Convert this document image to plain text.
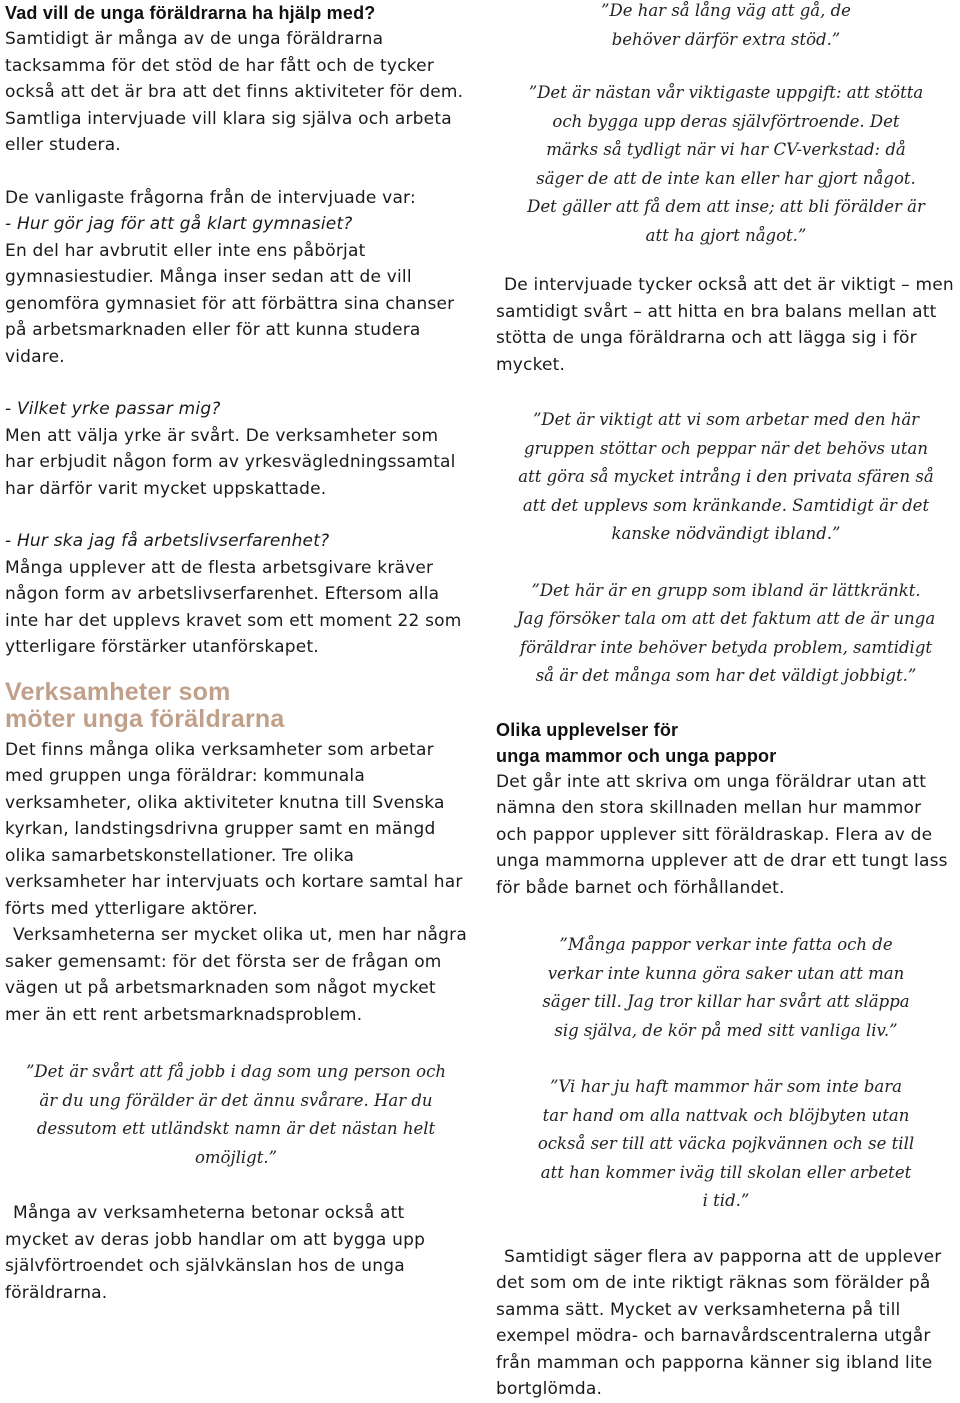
Vad vill de unga föräldrarna ha hjälp med?

Samtidigt är många av de unga föräldrarna tacksamma för det stöd de har fått och de tycker också att det är bra att det finns aktiviteter för dem. Samtliga intervjuade vill klara sig själva och arbeta eller studera.

De vanligaste frågorna från de intervjuade var:

- Hur gör jag för att gå klart gymnasiet?

En del har avbrutit eller inte ens påbörjat gymnasiestudier. Många inser sedan att de vill genomföra gymnasiet för att förbättra sina chanser på arbetsmarknaden eller för att kunna studera vidare.

- Vilket yrke passar mig?

Men att välja yrke är svårt. De verksamheter som har erbjudit någon form av yrkesvägledningssamtal har därför varit mycket uppskattade.

- Hur ska jag få arbetslivserfarenhet?

Många upplever att de flesta arbetsgivare kräver någon form av arbetslivserfarenhet. Eftersom alla inte har det upplevs kravet som ett moment 22 som ytterligare förstärker utanförskapet.

Verksamheter som
möter unga föräldrarna

Det finns många olika verksamheter som arbetar med gruppen unga föräldrar: kommunala verksamheter, olika aktiviteter knutna till Svenska kyrkan, landstingsdrivna grupper samt en mängd olika samarbetskonstellationer. Tre olika verksamheter har intervjuats och kortare samtal har förts med ytterligare aktörer.

Verksamheterna ser mycket olika ut, men har några saker gemensamt: för det första ser de frågan om vägen ut på arbetsmarknaden som något mycket mer än ett rent arbetsmarknadsproblem.

”Det är svårt att få jobb i dag som ung person och är du ung förälder är det ännu svårare. Har du dessutom ett utländskt namn är det nästan helt omöjligt.”

Många av verksamheterna betonar också att mycket av deras jobb handlar om att bygga upp självförtroendet och självkänslan hos de unga föräldrarna.

”De har så lång väg att gå, de behöver därför extra stöd.”

”Det är nästan vår viktigaste uppgift: att stötta och bygga upp deras självförtroende. Det märks så tydligt när vi har CV-verkstad: då säger de att de inte kan eller har gjort något. Det gäller att få dem att inse; att bli förälder är att ha gjort något.”

De intervjuade tycker också att det är viktigt – men samtidigt svårt – att hitta en bra balans mellan att stötta de unga föräldrarna och att lägga sig i för mycket.

”Det är viktigt att vi som arbetar med den här gruppen stöttar och peppar när det behövs utan att göra så mycket intrång i den privata sfären så att det upplevs som kränkande. Samtidigt är det kanske nödvändigt ibland.”

”Det här är en grupp som ibland är lättkränkt. Jag försöker tala om att det faktum att de är unga föräldrar inte behöver betyda problem, samtidigt så är det många som har det väldigt jobbigt.”

Olika upplevelser för

unga mammor och unga pappor

Det går inte att skriva om unga föräldrar utan att nämna den stora skillnaden mellan hur mammor och pappor upplever sitt föräldraskap. Flera av de unga mammorna upplever att de drar ett tungt lass för både barnet och förhållandet.

”Många pappor verkar inte fatta och de verkar inte kunna göra saker utan att man säger till. Jag tror killar har svårt att släppa sig själva, de kör på med sitt vanliga liv.”

”Vi har ju haft mammor här som inte bara tar hand om alla nattvak och blöjbyten utan också ser till att väcka pojkvännen och se till att han kommer iväg till skolan eller arbetet i tid.”

Samtidigt säger flera av papporna att de upplever det som om de inte riktigt räknas som förälder på samma sätt. Mycket av verksamheterna på till exempel mödra- och barnavårdscentralerna utgår från mamman och papporna känner sig ibland lite bortglömda.
